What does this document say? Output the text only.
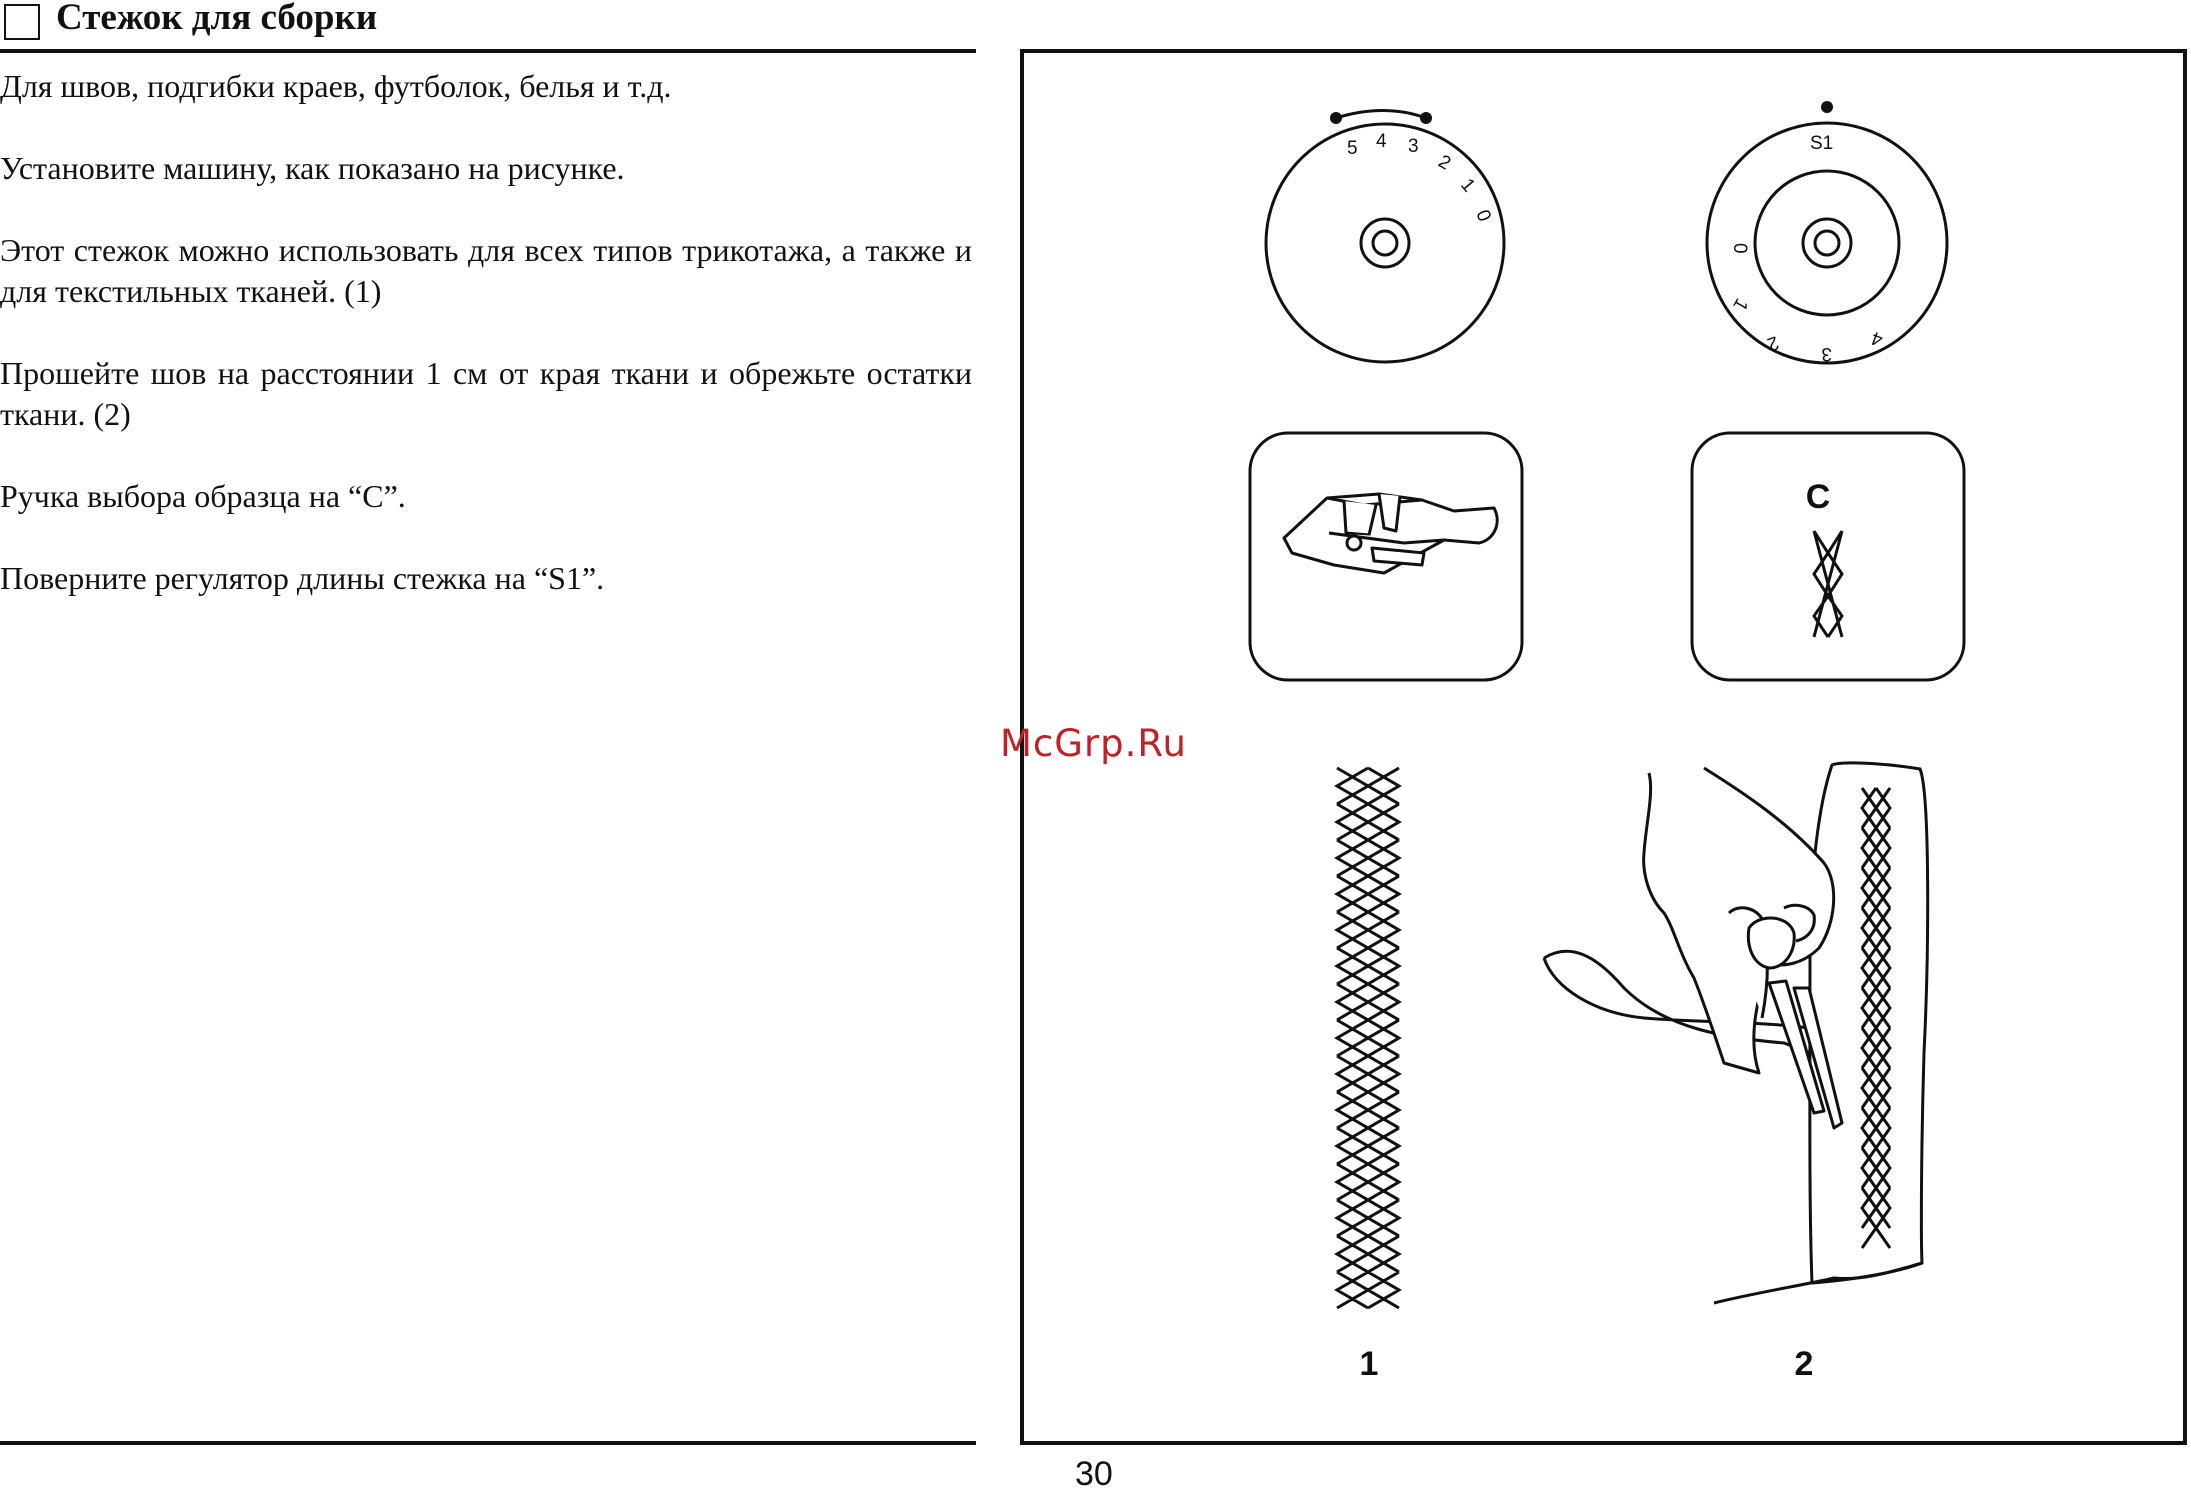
Стежок для сборки

Для швов, подгибки краев, футболок, белья и т.д.

Установите машину, как показано на рисунке.

Этот стежок можно использовать для всех типов трикотажа, а также и для текстильных тканей. (1)

Прошейте шов на расстоянии 1 см от края ткани и обрежьте остатки ткани. (2)

Ручка выбора образца на “C”.

Поверните регулятор длины стежка на “S1”.

5 4 3
2
1
0
S1
0
1
2 3
4
C
1	2
McGrp.Ru
30
